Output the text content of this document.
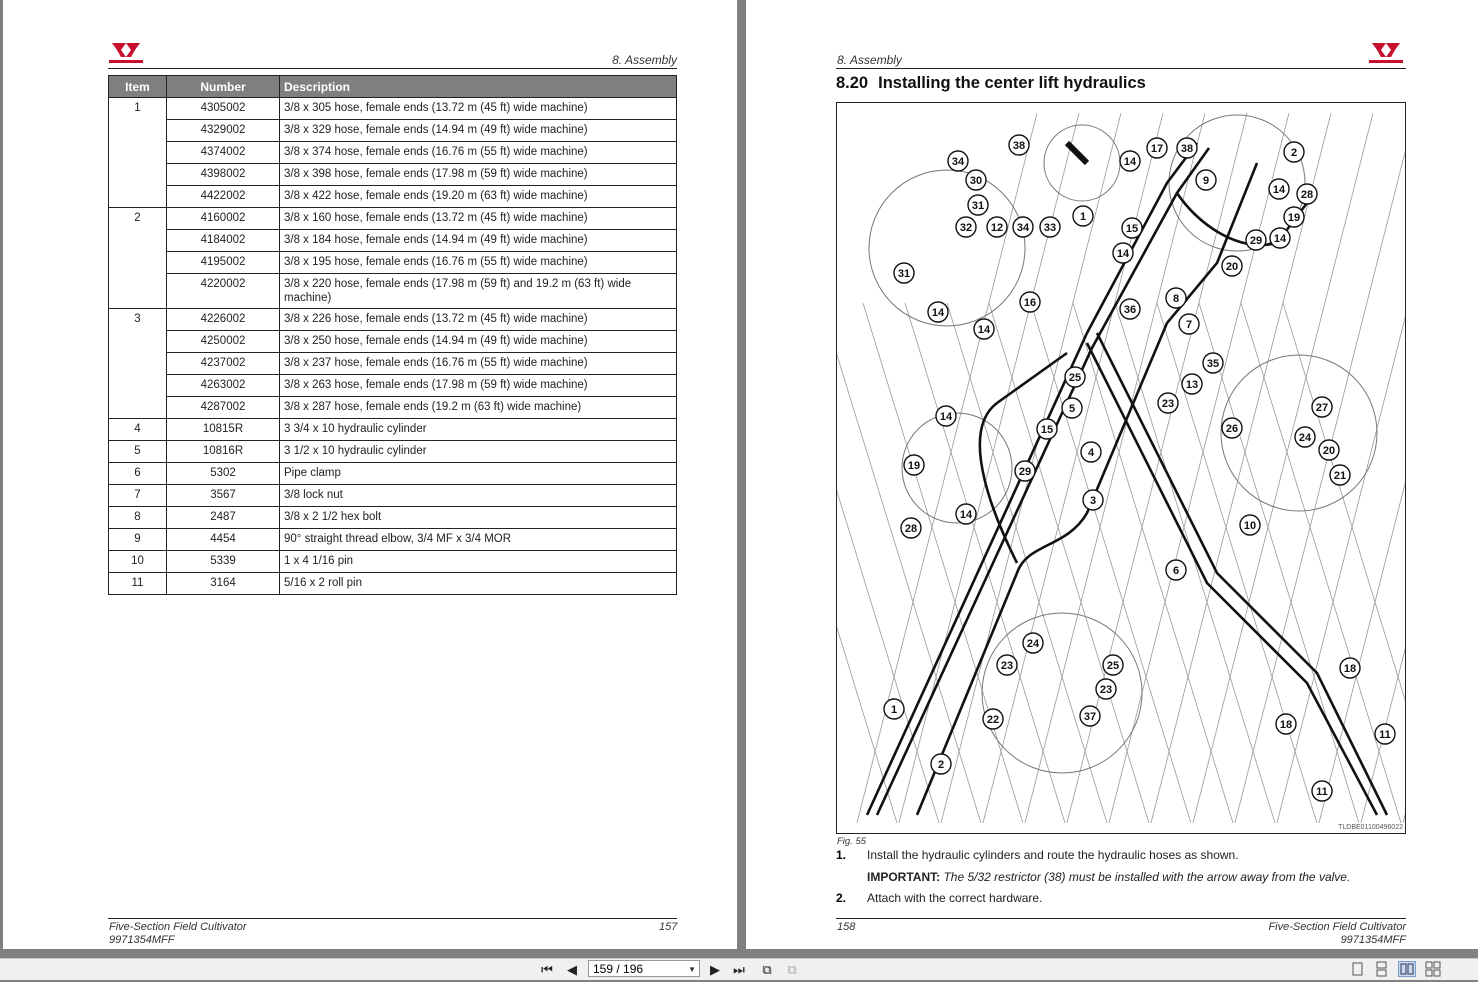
8. Assembly
Item	Number	Description
1	4305002	3/8 x 305 hose, female ends (13.72 m (45 ft) wide machine)
	4329002	3/8 x 329 hose, female ends (14.94 m (49 ft) wide machine)
	4374002	3/8 x 374 hose, female ends (16.76 m (55 ft) wide machine)
	4398002	3/8 x 398 hose, female ends (17.98 m (59 ft) wide machine)
	4422002	3/8 x 422 hose, female ends (19.20 m (63 ft) wide machine)
2	4160002	3/8 x 160 hose, female ends (13.72 m (45 ft) wide machine)
	4184002	3/8 x 184 hose, female ends (14.94 m (49 ft) wide machine)
	4195002	3/8 x 195 hose, female ends (16.76 m (55 ft) wide machine)
	4220002	3/8 x 220 hose, female ends (17.98 m (59 ft) and 19.2 m (63 ft) wide machine)
3	4226002	3/8 x 226 hose, female ends (13.72 m (45 ft) wide machine)
	4250002	3/8 x 250 hose, female ends (14.94 m (49 ft) wide machine)
	4237002	3/8 x 237 hose, female ends (16.76 m (55 ft) wide machine)
	4263002	3/8 x 263 hose, female ends (17.98 m (59 ft) wide machine)
	4287002	3/8 x 287 hose, female ends (19.2 m (63 ft) wide machine)
4	10815R	3 3/4 x 10 hydraulic cylinder
5	10816R	3 1/2 x 10 hydraulic cylinder
6	5302	Pipe clamp
7	3567	3/8 lock nut
8	2487	3/8 x 2 1/2 hex bolt
9	4454	90° straight thread elbow, 3/4 MF x 3/4 MOR
10	5339	1 x 4 1/16 pin
11	3164	5/16 x 2 roll pin
Five-Section Field Cultivator
9971354MFF
157
8. Assembly
8.20 Installing the center lift hydraulics
38
34
30
31
32 12 34 33
31
14
14
16
14
17 38
9
2
14 28
19
29 14
20
1
15
14
8
36
7
35
13
25
5	23	27
26
24
20
21
14
15
29
4
19
3
14
28	10
6
24
25
23
23
22	37
18
18
11
1
2
11
TLDBE01100496022
Fig. 55
1. Install the hydraulic cylinders and route the hydraulic hoses as shown.
IMPORTANT: The 5/32 restrictor (38) must be installed with the arrow away from the valve.
2. Attach with the correct hardware.
158	Five-Section Field Cultivator
9971354MFF
⏮	◀	159 / 196	▼	▶	⏭	⧉	⧉
